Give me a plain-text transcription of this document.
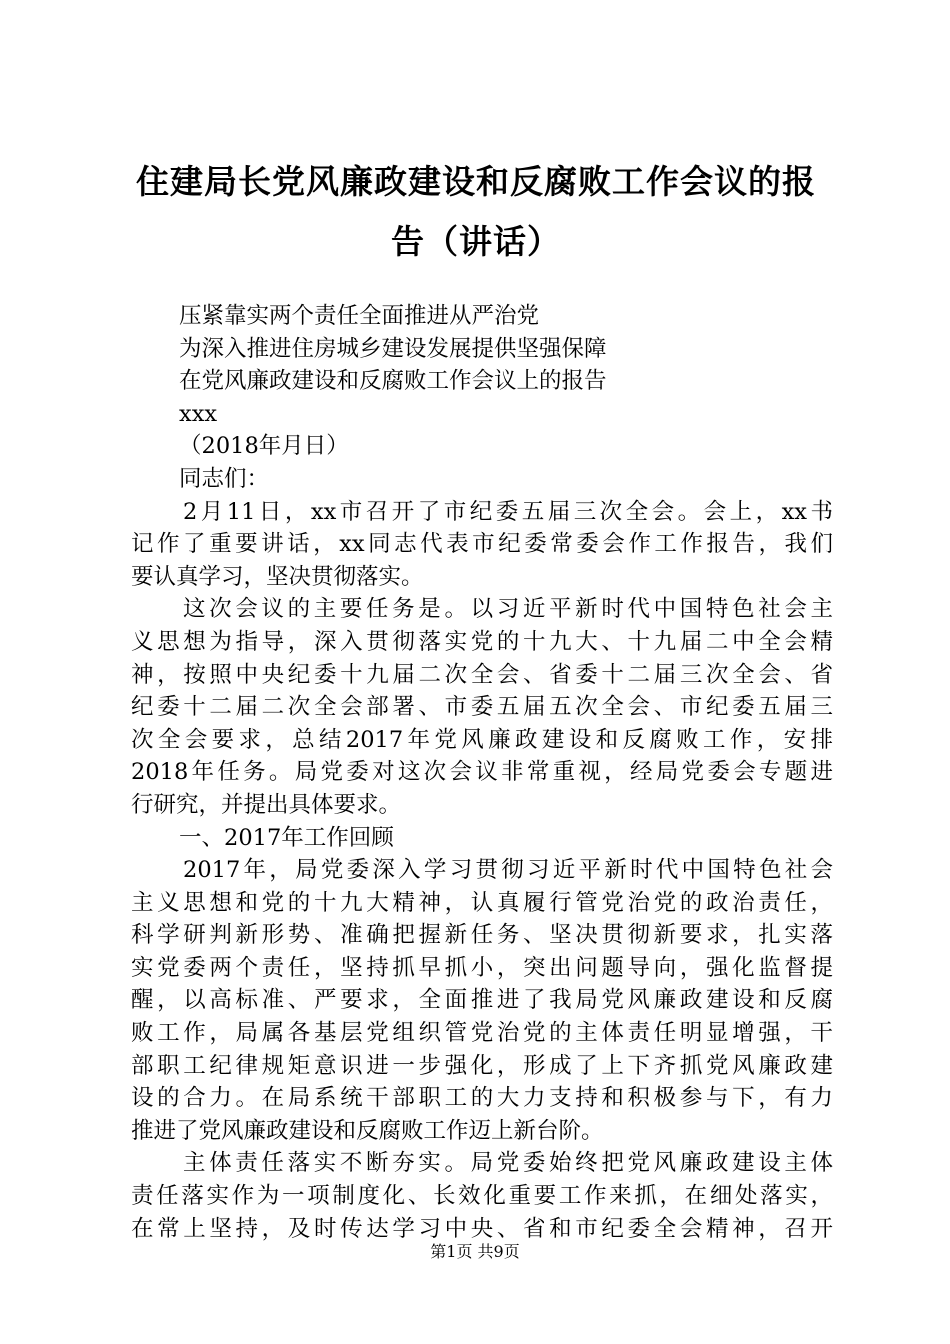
住建局长党风廉政建设和反腐败工作会议的报
告（讲话）
压紧靠实两个责任全面推进从严治党
为深入推进住房城乡建设发展提供坚强保障
在党风廉政建设和反腐败工作会议上的报告
xxx
（2018年月日）
同志们：
2月11日，xx市召开了市纪委五届三次全会。会上，xx书
记作了重要讲话，xx同志代表市纪委常委会作工作报告，我们
要认真学习，坚决贯彻落实。
这次会议的主要任务是。以习近平新时代中国特色社会主
义思想为指导，深入贯彻落实党的十九大、十九届二中全会精
神，按照中央纪委十九届二次全会、省委十二届三次全会、省
纪委十二届二次全会部署、市委五届五次全会、市纪委五届三
次全会要求，总结2017年党风廉政建设和反腐败工作，安排
2018年任务。局党委对这次会议非常重视，经局党委会专题进
行研究，并提出具体要求。
一、2017年工作回顾
2017年，局党委深入学习贯彻习近平新时代中国特色社会
主义思想和党的十九大精神，认真履行管党治党的政治责任，
科学研判新形势、准确把握新任务、坚决贯彻新要求，扎实落
实党委两个责任，坚持抓早抓小，突出问题导向，强化监督提
醒，以高标准、严要求，全面推进了我局党风廉政建设和反腐
败工作，局属各基层党组织管党治党的主体责任明显增强，干
部职工纪律规矩意识进一步强化，形成了上下齐抓党风廉政建
设的合力。在局系统干部职工的大力支持和积极参与下，有力
推进了党风廉政建设和反腐败工作迈上新台阶。
主体责任落实不断夯实。局党委始终把党风廉政建设主体
责任落实作为一项制度化、长效化重要工作来抓，在细处落实，
在常上坚持，及时传达学习中央、省和市纪委全会精神，召开
第1页 共9页
